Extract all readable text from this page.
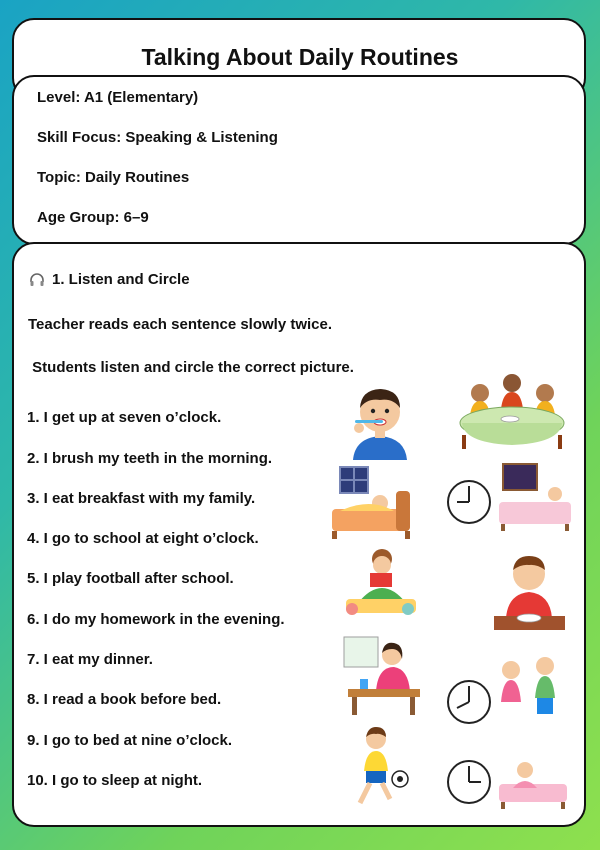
Talking About Daily Routines
Level: A1 (Elementary)
Skill Focus: Speaking & Listening
Topic: Daily Routines
Age Group: 6–9
1. Listen and Circle
Teacher reads each sentence slowly twice.
Students listen and circle the correct picture.
1. I get up at seven o’clock.
2. I brush my teeth in the morning.
3. I eat breakfast with my family.
4. I go to school at eight o’clock.
5. I play football after school.
6. I do my homework in the evening.
7. I eat my dinner.
8. I read a book before bed.
9. I go to bed at nine o’clock.
10. I go to sleep at night.
